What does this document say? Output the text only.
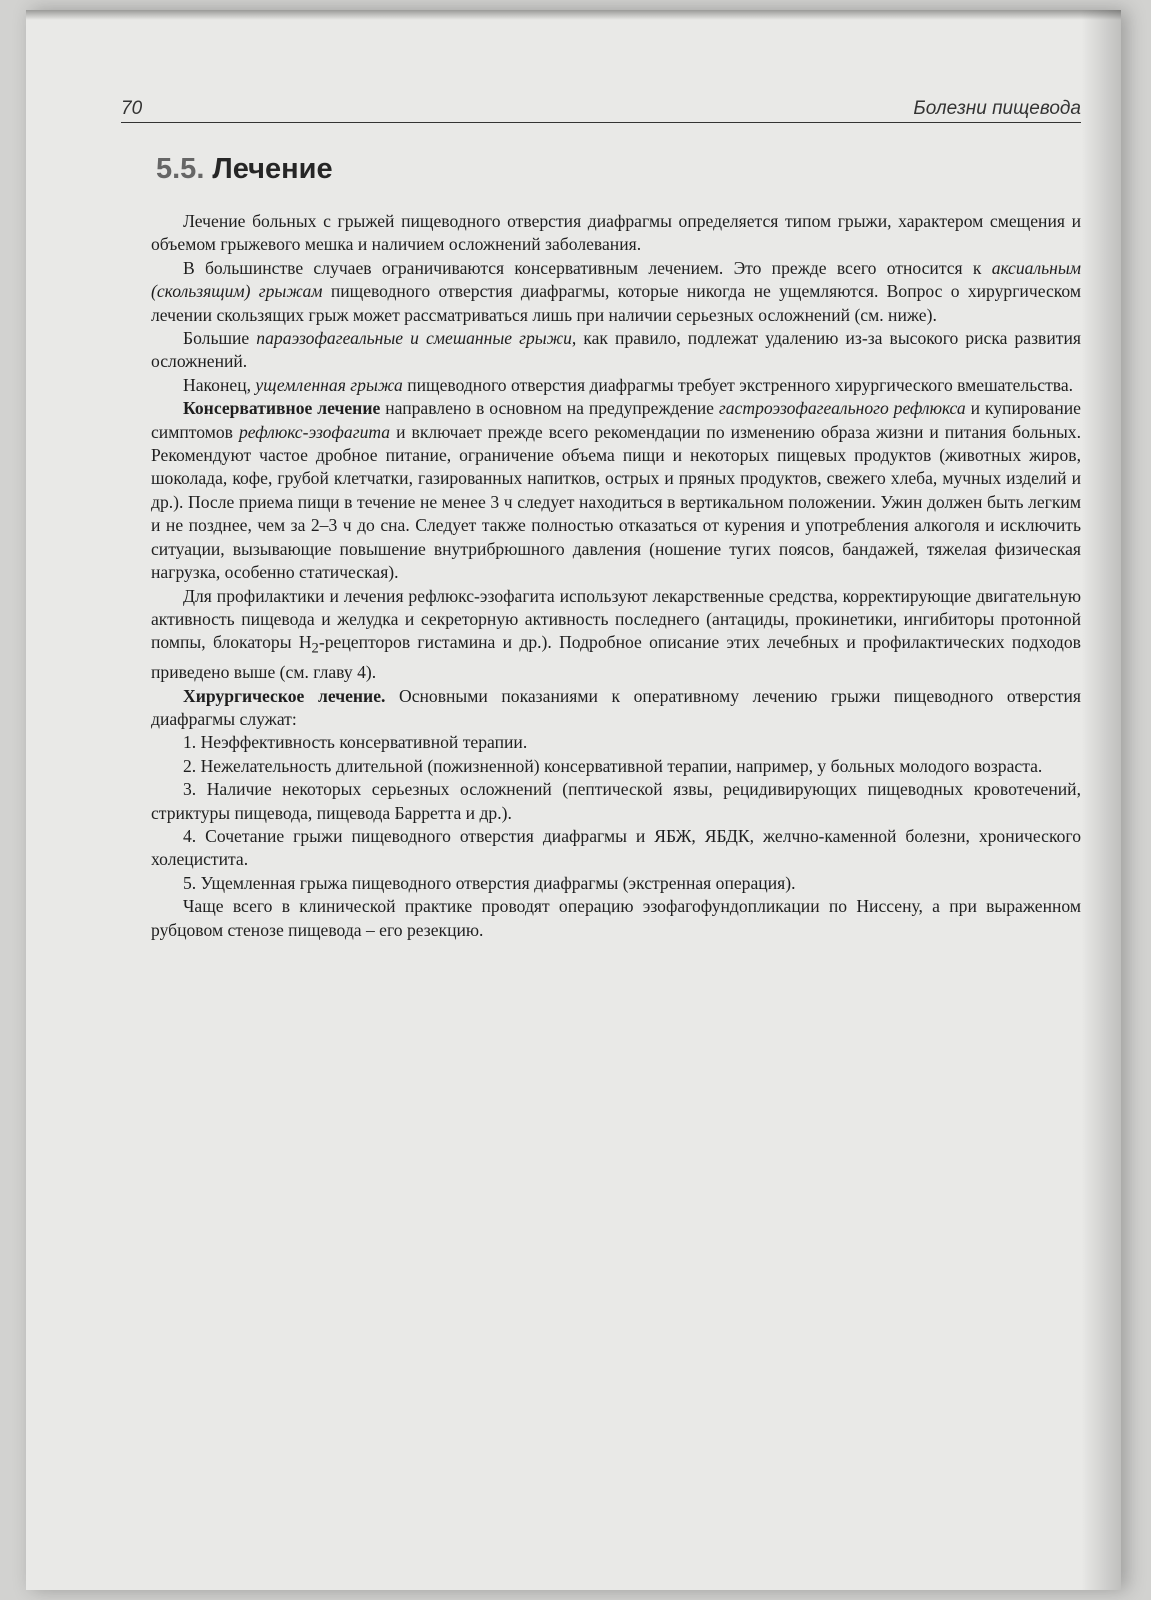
70	Болезни пищевода
5.5. Лечение

Лечение больных с грыжей пищеводного отверстия диафрагмы определяется типом грыжи, характером смещения и объемом грыжевого мешка и наличием осложнений заболевания.

В большинстве случаев ограничиваются консервативным лечением. Это прежде всего относится к аксиальным (скользящим) грыжам пищеводного отверстия диафрагмы, которые никогда не ущемляются. Вопрос о хирургическом лечении скользящих грыж может рассматриваться лишь при наличии серьезных осложнений (см. ниже).

Большие параэзофагеальные и смешанные грыжи, как правило, подлежат удалению из-за высокого риска развития осложнений.

Наконец, ущемленная грыжа пищеводного отверстия диафрагмы требует экстренного хирургического вмешательства.

Консервативное лечение направлено в основном на предупреждение гастроэзофагеального рефлюкса и купирование симптомов рефлюкс-эзофагита и включает прежде всего рекомендации по изменению образа жизни и питания больных. Рекомендуют частое дробное питание, ограничение объема пищи и некоторых пищевых продуктов (животных жиров, шоколада, кофе, грубой клетчатки, газированных напитков, острых и пряных продуктов, свежего хлеба, мучных изделий и др.). После приема пищи в течение не менее 3 ч следует находиться в вертикальном положении. Ужин должен быть легким и не позднее, чем за 2–3 ч до сна. Следует также полностью отказаться от курения и употребления алкоголя и исключить ситуации, вызывающие повышение внутрибрюшного давления (ношение тугих поясов, бандажей, тяжелая физическая нагрузка, особенно статическая).

Для профилактики и лечения рефлюкс-эзофагита используют лекарственные средства, корректирующие двигательную активность пищевода и желудка и секреторную активность последнего (антациды, прокинетики, ингибиторы протонной помпы, блокаторы $H_2$-рецепторов гистамина и др.). Подробное описание этих лечебных и профилактических подходов приведено выше (см. главу 4).

Хирургическое лечение. Основными показаниями к оперативному лечению грыжи пищеводного отверстия диафрагмы служат:

1. Неэффективность консервативной терапии.

2. Нежелательность длительной (пожизненной) консервативной терапии, например, у больных молодого возраста.

3. Наличие некоторых серьезных осложнений (пептической язвы, рецидивирующих пищеводных кровотечений, стриктуры пищевода, пищевода Барретта и др.).

4. Сочетание грыжи пищеводного отверстия диафрагмы и ЯБЖ, ЯБДК, желчно-каменной болезни, хронического холецистита.

5. Ущемленная грыжа пищеводного отверстия диафрагмы (экстренная операция).

Чаще всего в клинической практике проводят операцию эзофагофундопликации по Ниссену, а при выраженном рубцовом стенозе пищевода – его резекцию.
